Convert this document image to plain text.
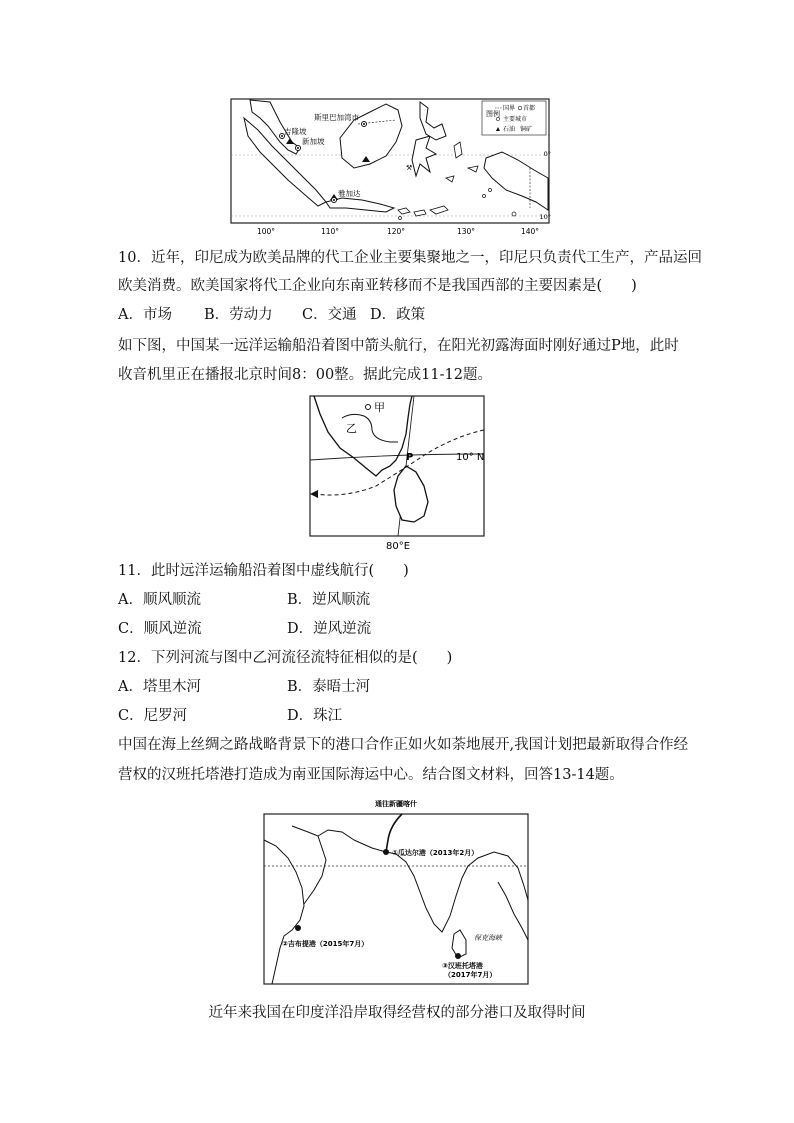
⚒
吉隆坡
新加坡
雅加达
斯里巴加湾市	图例
国界 首都
主要城市
石油 铜矿
0°
10°
100°	110°	120°	130°	140°
10．近年，印尼成为欧美品牌的代工企业主要集聚地之一，印尼只负责代工生产，产品运回
欧美消费。欧美国家将代工企业向东南亚转移而不是我国西部的主要因素是(　　)
A．市场 B．劳动力 C．交通 D．政策
如下图，中国某一远洋运输船沿着图中箭头航行，在阳光初露海面时刚好通过P地，此时
收音机里正在播报北京时间8：00整。据此完成11-12题。
甲
乙
P	10° N
80°E
11．此时远洋运输船沿着图中虚线航行(　　)
A．顺风顺流	B．逆风顺流
C．顺风逆流	D．逆风逆流
12．下列河流与图中乙河流径流特征相似的是(　　)
A．塔里木河	B．泰晤士河
C．尼罗河	D．珠江
中国在海上丝绸之路战略背景下的港口合作正如火如荼地展开,我国计划把最新取得合作经
营权的汉班托塔港打造成为南亚国际海运中心。结合图文材料，回答13-14题。
通往新疆喀什
①瓜达尔港（2013年2月）
②吉布提港（2015年7月）
保克海峡
③汉班托塔港
（2017年7月）
近年来我国在印度洋沿岸取得经营权的部分港口及取得时间
